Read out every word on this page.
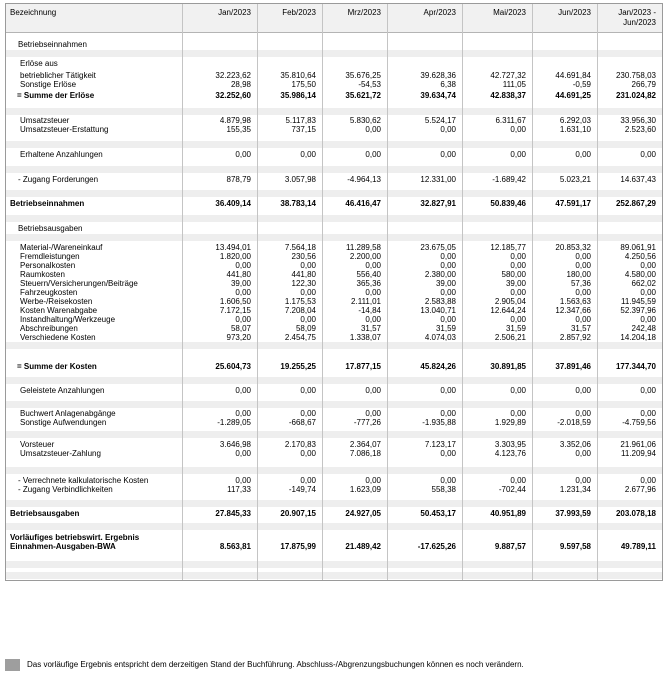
Bezeichnung	Jan/2023	Feb/2023	Mrz/2023	Apr/2023	Mai/2023	Jun/2023	Jan/2023 -
Jun/2023
Betriebseinnahmen
Erlöse aus
betrieblicher Tätigkeit	32.223,62	35.810,64	35.676,25	39.628,36	42.727,32	44.691,84	230.758,03
Sonstige Erlöse	28,98	175,50	-54,53	6,38	111,05	-0,59	266,79
= Summe der Erlöse	32.252,60	35.986,14	35.621,72	39.634,74	42.838,37	44.691,25	231.024,82
Umsatzsteuer	4.879,98	5.117,83	5.830,62	5.524,17	6.311,67	6.292,03	33.956,30
Umsatzsteuer-Erstattung	155,35	737,15	0,00	0,00	0,00	1.631,10	2.523,60
Erhaltene Anzahlungen	0,00	0,00	0,00	0,00	0,00	0,00	0,00
- Zugang Forderungen	878,79	3.057,98	-4.964,13	12.331,00	-1.689,42	5.023,21	14.637,43
Betriebseinnahmen	36.409,14	38.783,14	46.416,47	32.827,91	50.839,46	47.591,17	252.867,29
Betriebsausgaben
Material-/Wareneinkauf	13.494,01	7.564,18	11.289,58	23.675,05	12.185,77	20.853,32	89.061,91
Fremdleistungen	1.820,00	230,56	2.200,00	0,00	0,00	0,00	4.250,56
Personalkosten	0,00	0,00	0,00	0,00	0,00	0,00	0,00
Raumkosten	441,80	441,80	556,40	2.380,00	580,00	180,00	4.580,00
Steuern/Versicherungen/Beiträge	39,00	122,30	365,36	39,00	39,00	57,36	662,02
Fahrzeugkosten	0,00	0,00	0,00	0,00	0,00	0,00	0,00
Werbe-/Reisekosten	1.606,50	1.175,53	2.111,01	2.583,88	2.905,04	1.563,63	11.945,59
Kosten Warenabgabe	7.172,15	7.208,04	-14,84	13.040,71	12.644,24	12.347,66	52.397,96
Instandhaltung/Werkzeuge	0,00	0,00	0,00	0,00	0,00	0,00	0,00
Abschreibungen	58,07	58,09	31,57	31,59	31,59	31,57	242,48
Verschiedene Kosten	973,20	2.454,75	1.338,07	4.074,03	2.506,21	2.857,92	14.204,18
= Summe der Kosten	25.604,73	19.255,25	17.877,15	45.824,26	30.891,85	37.891,46	177.344,70
Geleistete Anzahlungen	0,00	0,00	0,00	0,00	0,00	0,00	0,00
Buchwert Anlagenabgänge	0,00	0,00	0,00	0,00	0,00	0,00	0,00
Sonstige Aufwendungen	-1.289,05	-668,67	-777,26	-1.935,88	1.929,89	-2.018,59	-4.759,56
Vorsteuer	3.646,98	2.170,83	2.364,07	7.123,17	3.303,95	3.352,06	21.961,06
Umsatzsteuer-Zahlung	0,00	0,00	7.086,18	0,00	4.123,76	0,00	11.209,94
- Verrechnete kalkulatorische Kosten	0,00	0,00	0,00	0,00	0,00	0,00	0,00
- Zugang Verbindlichkeiten	117,33	-149,74	1.623,09	558,38	-702,44	1.231,34	2.677,96
Betriebsausgaben	27.845,33	20.907,15	24.927,05	50.453,17	40.951,89	37.993,59	203.078,18
Vorläufiges betriebswirt. Ergebnis
Einnahmen-Ausgaben-BWA	8.563,81	17.875,99	21.489,42	-17.625,26	9.887,57	9.597,58	49.789,11
Das vorläufige Ergebnis entspricht dem derzeitigen Stand der Buchführung. Abschluss-/Abgrenzungsbuchungen können es noch verändern.
